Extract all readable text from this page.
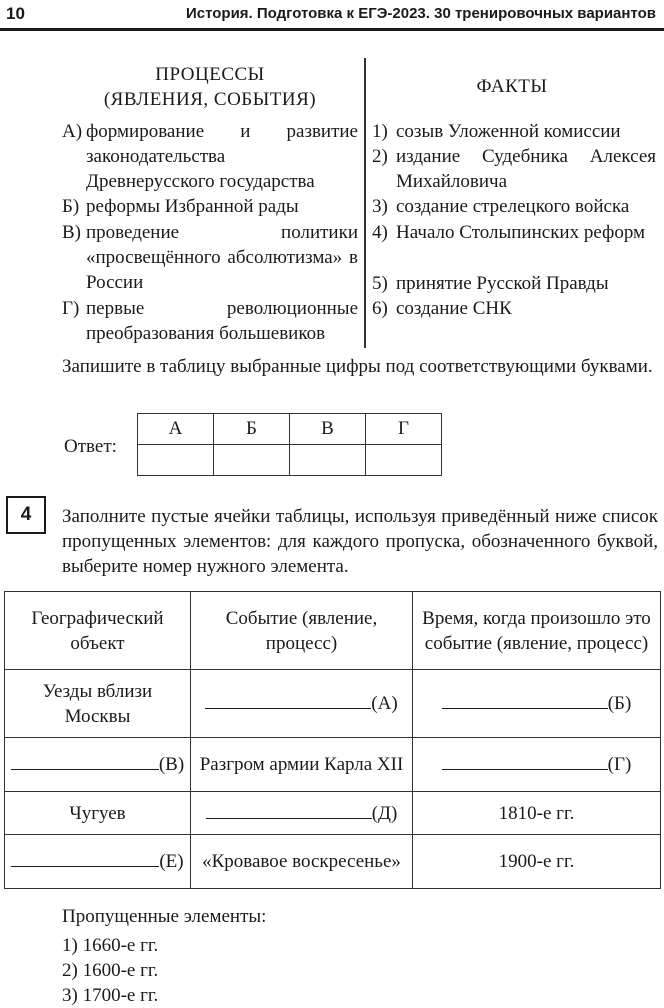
10	История. Подготовка к ЕГЭ-2023. 30 тренировочных вариантов
ПРОЦЕССЫ
(ЯВЛЕНИЯ, СОБЫТИЯ)
ФАКТЫ
А) формирование и развитие законодательства Древнерусского государства
Б) реформы Избранной рады
В) проведение политики «просвещённого абсолютизма» в России
Г) первые революционные преобразования большевиков
1) созыв Уложенной комиссии
2) издание Судебника Алексея Михайловича
3) создание стрелецкого войска
4) Начало Столыпинских реформ
5) принятие Русской Правды
6) создание СНК
Запишите в таблицу выбранные цифры под соответствующими буквами.
Ответ:
А	Б	В	Г

4	Заполните пустые ячейки таблицы, используя приведённый ниже список пропущенных элементов: для каждого пропуска, обозначенного буквой, выберите номер нужного элемента.
Географический объект	Событие (явление, процесс)	Время, когда произошло это событие (явление, процесс)
Уезды вблизи Москвы	(А)	(Б)
(В)	Разгром армии Карла XII	(Г)
Чугуев	(Д)	1810-е гг.
(Е)	«Кровавое воскресенье»	1900-е гг.
Пропущенные элементы:
1) 1660-е гг.
2) 1600-е гг.
3) 1700-е гг.
